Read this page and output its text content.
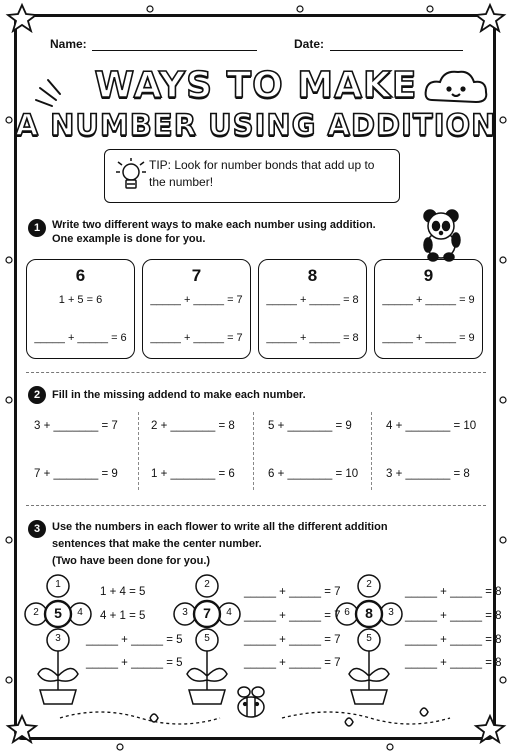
Name:	Date:
WAYS TO MAKE
A NUMBER USING ADDITION
TIP: Look for number bonds that add up to the number!
1	Write two different ways to make each number using addition. One example is done for you.
6
1 + 5 = 6
_____ + _____ = 6
7
_____ + _____ = 7
_____ + _____ = 7
8
_____ + _____ = 8
_____ + _____ = 8
9
_____ + _____ = 9
_____ + _____ = 9
2	Fill in the missing addend to make each number.
3 + _______ = 7	2 + _______ = 8	5 + _______ = 9	4 + _______ = 10
7 + _______ = 9	1 + _______ = 6	6 + _______ = 10 3 + _______ = 8
3	Use the numbers in each flower to write all the different addition
sentences that make the center number.
(Two have been done for you.)
1
4
2
3
5
2
4
3
5
7
2
3
6
5
8
1 + 4 = 5
4 + 1 = 5
_____ + _____ = 5
_____ + _____ = 5
_____ + _____ = 7
_____ + _____ = 7
_____ + _____ = 7
_____ + _____ = 7
_____ + _____ = 8
_____ + _____ = 8
_____ + _____ = 8
_____ + _____ = 8
